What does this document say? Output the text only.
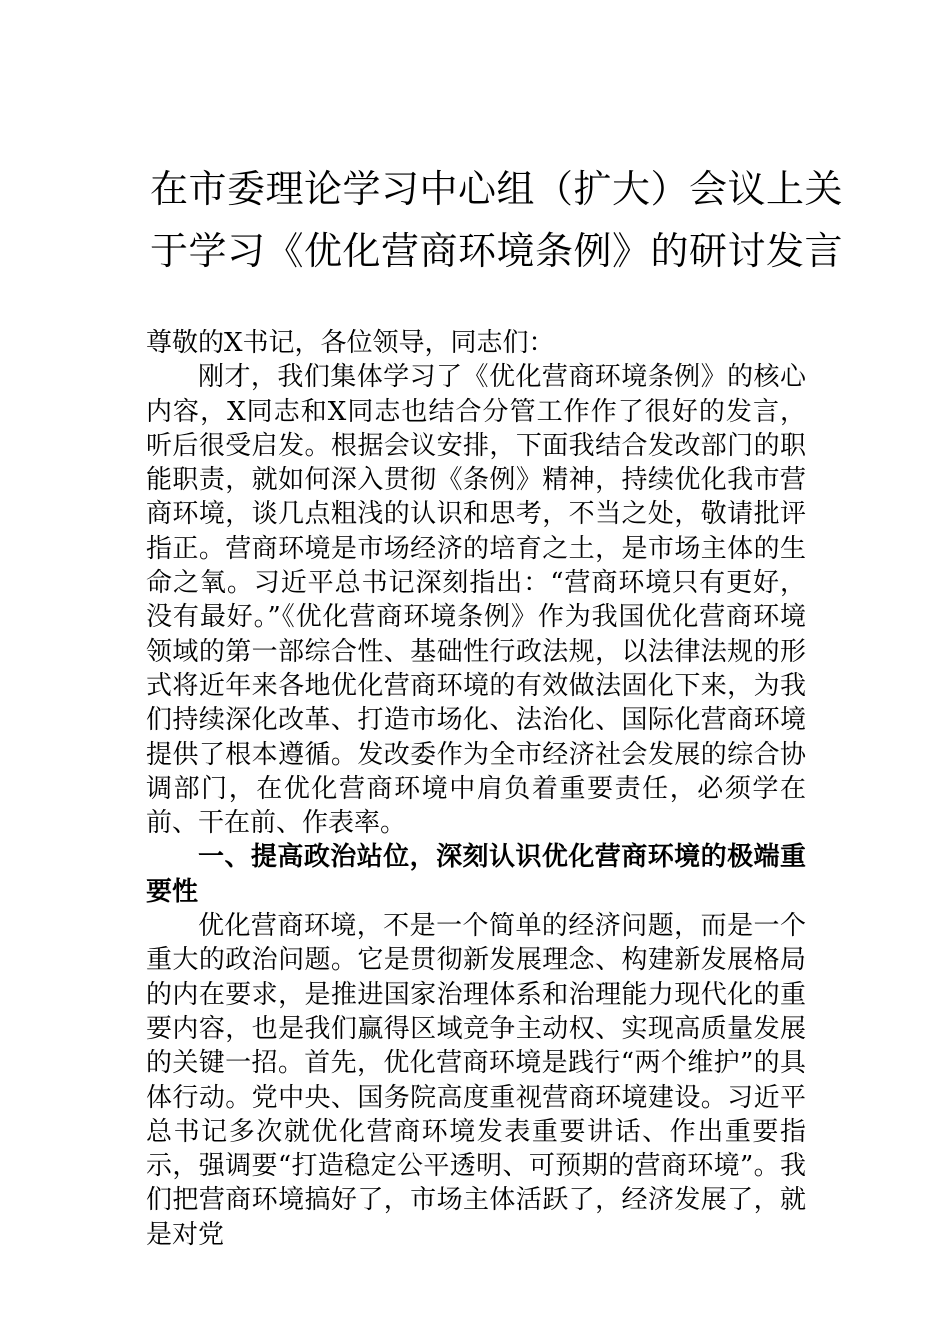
在市委理论学习中心组（扩大）会议上关
于学习《优化营商环境条例》的研讨发言

尊敬的X书记，各位领导，同志们：

刚才，我们集体学习了《优化营商环境条例》的核心内容，X同志和X同志也结合分管工作作了很好的发言，听后很受启发。根据会议安排，下面我结合发改部门的职能职责，就如何深入贯彻《条例》精神，持续优化我市营商环境，谈几点粗浅的认识和思考，不当之处，敬请批评指正。营商环境是市场经济的培育之土，是市场主体的生命之氧。习近平总书记深刻指出：“营商环境只有更好，没有最好。”《优化营商环境条例》作为我国优化营商环境领域的第一部综合性、基础性行政法规，以法律法规的形式将近年来各地优化营商环境的有效做法固化下来，为我们持续深化改革、打造市场化、法治化、国际化营商环境提供了根本遵循。发改委作为全市经济社会发展的综合协调部门，在优化营商环境中肩负着重要责任，必须学在前、干在前、作表率。

一、提高政治站位，深刻认识优化营商环境的极端重要性

优化营商环境，不是一个简单的经济问题，而是一个重大的政治问题。它是贯彻新发展理念、构建新发展格局的内在要求，是推进国家治理体系和治理能力现代化的重要内容，也是我们赢得区域竞争主动权、实现高质量发展的关键一招。首先，优化营商环境是践行“两个维护”的具体行动。党中央、国务院高度重视营商环境建设。习近平总书记多次就优化营商环境发表重要讲话、作出重要指示，强调要“打造稳定公平透明、可预期的营商环境”。我们把营商环境搞好了，市场主体活跃了，经济发展了，就是对党
